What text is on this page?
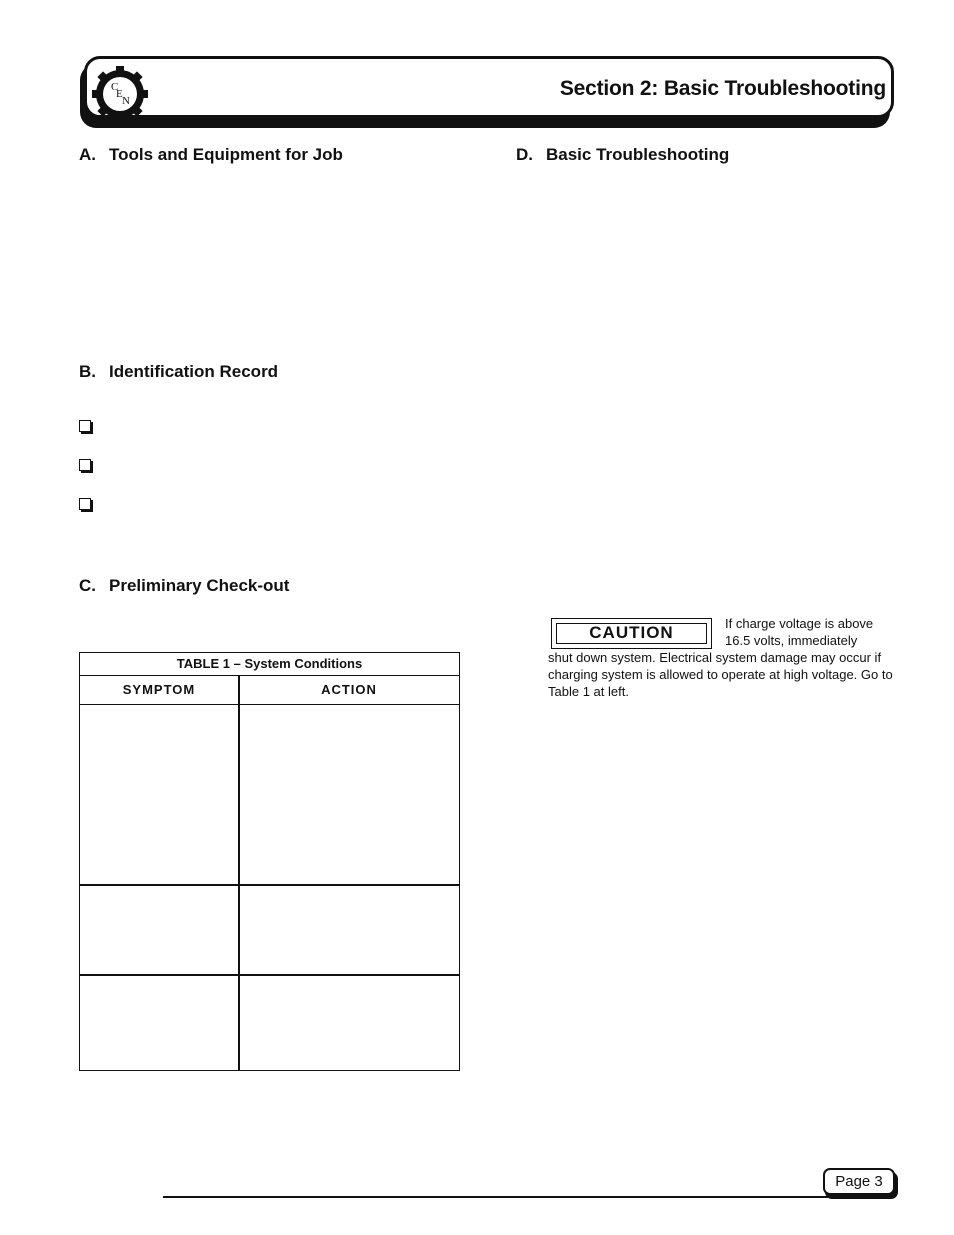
C
E
N
Section 2: Basic Troubleshooting
A. Tools and Equipment for Job
B. Identification Record
C. Preliminary Check-out
D. Basic Troubleshooting
TABLE 1 – System Conditions
SYMPTOM	ACTION
CAUTION	If charge voltage is above
16.5 volts, immediately
shut down system. Electrical system damage may occur if
charging system is allowed to operate at high voltage. Go to
Table 1 at left.
Page 3
